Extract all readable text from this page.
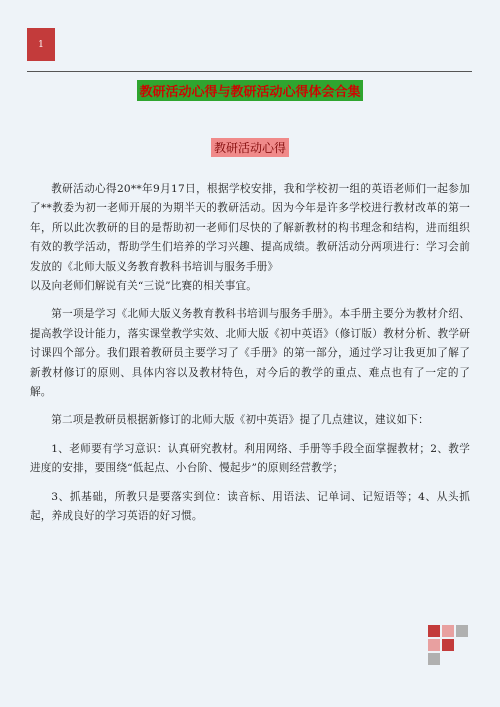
1
教研活动心得与教研活动心得体会合集
教研活动心得

教研活动心得20**年9月17日，根据学校安排，我和学校初一组的英语老师们一起参加了**教委为初一老师开展的为期半天的教研活动。因为今年是许多学校进行教材改革的第一年，所以此次教研的目的是帮助初一老师们尽快的了解新教材的构书理念和结构，进而组织有效的教学活动，帮助学生们培养的学习兴趣、提高成绩。教研活动分两项进行：学习会前发放的《北师大版义务教育教科书培训与服务手册》

以及向老师们解说有关“三说”比赛的相关事宜。

第一项是学习《北师大版义务教育教科书培训与服务手册》。本手册主要分为教材介绍、提高教学设计能力，落实课堂教学实效、北师大版《初中英语》（修订版）教材分析、教学研讨课四个部分。我们跟着教研员主要学习了《手册》的第一部分，通过学习让我更加了解了新教材修订的原则、具体内容以及教材特色，对今后的教学的重点、难点也有了一定的了解。

第二项是教研员根据新修订的北师大版《初中英语》提了几点建议，建议如下：

1、老师要有学习意识：认真研究教材。利用网络、手册等手段全面掌握教材；2、教学进度的安排，要围绕“低起点、小台阶、慢起步”的原则经营教学；

3、抓基础，所教只是要落实到位：读音标、用语法、记单词、记短语等；4、从头抓起，养成良好的学习英语的好习惯。
